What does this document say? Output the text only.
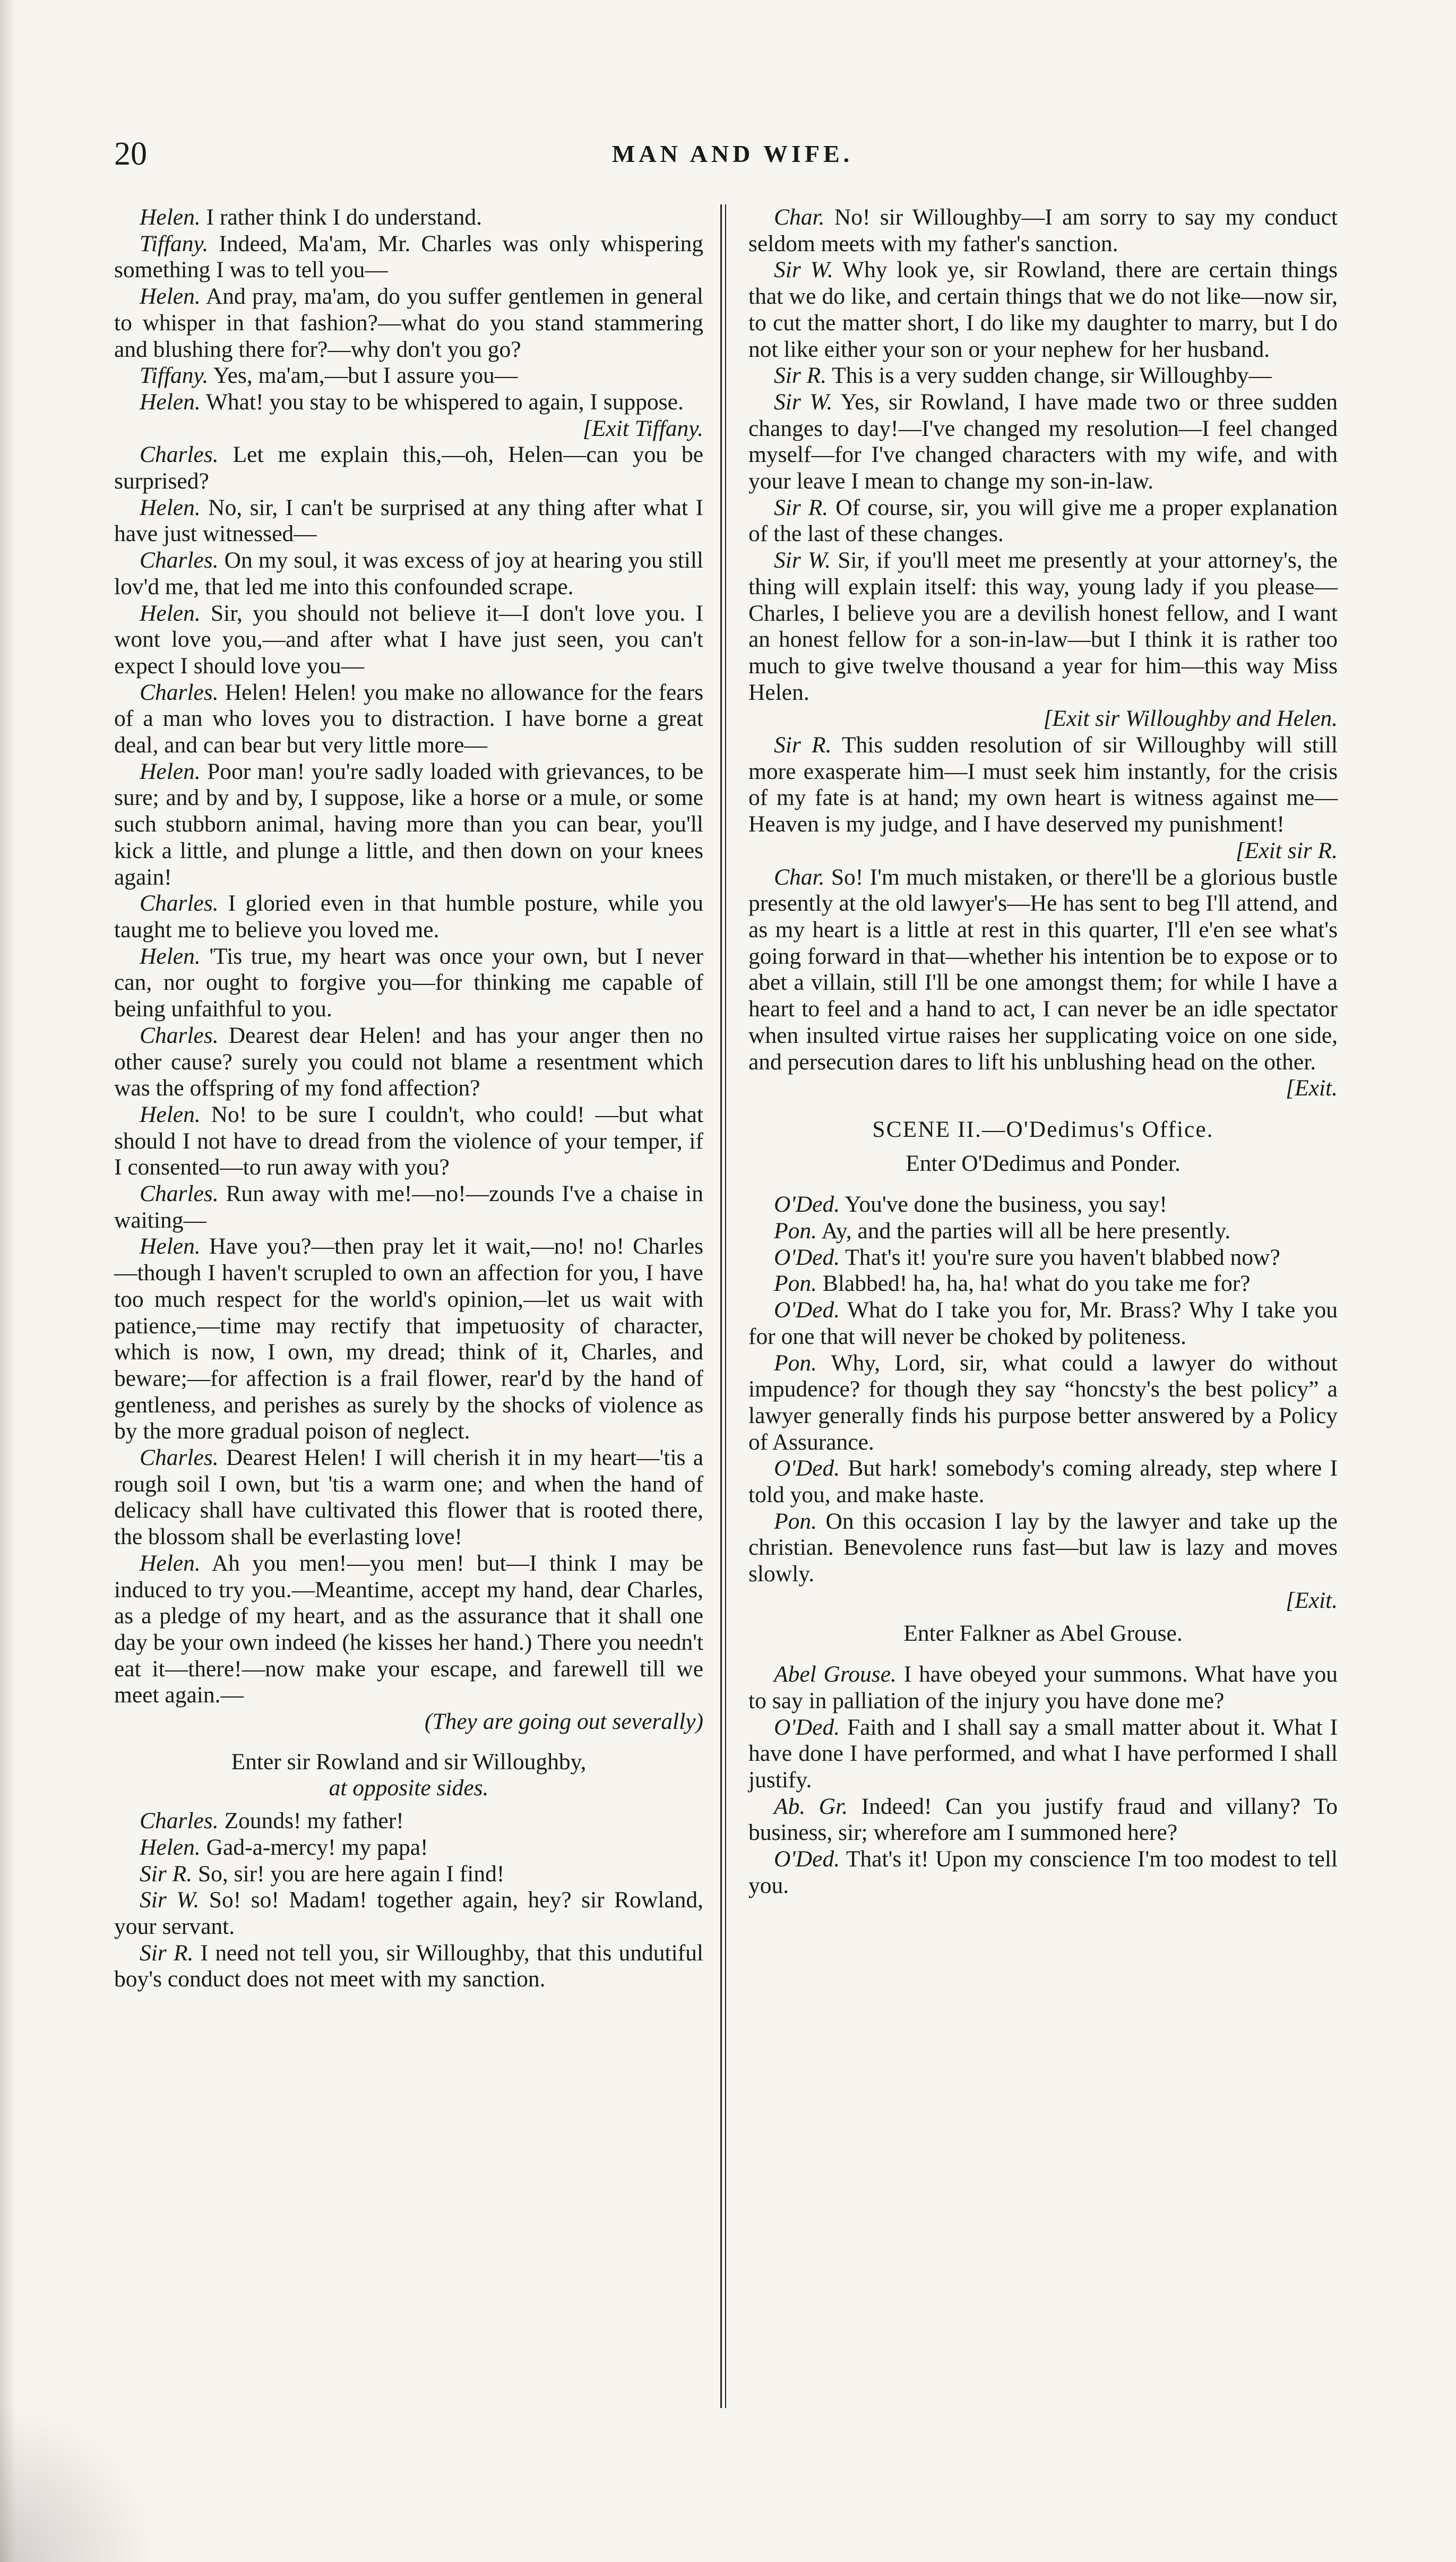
20	MAN AND WIFE.

Helen. I rather think I do understand.

Tiffany. Indeed, Ma'am, Mr. Charles was only whispering something I was to tell you—

Helen. And pray, ma'am, do you suffer gentlemen in general to whisper in that fashion?—what do you stand stammering and blushing there for?—why don't you go?

Tiffany. Yes, ma'am,—but I assure you—

Helen. What! you stay to be whispered to again, I suppose.

[Exit Tiffany.

Charles. Let me explain this,—oh, Helen—can you be surprised?

Helen. No, sir, I can't be surprised at any thing after what I have just witnessed—

Charles. On my soul, it was excess of joy at hearing you still lov'd me, that led me into this confounded scrape.

Helen. Sir, you should not believe it—I don't love you. I wont love you,—and after what I have just seen, you can't expect I should love you—

Charles. Helen! Helen! you make no allowance for the fears of a man who loves you to distraction. I have borne a great deal, and can bear but very little more—

Helen. Poor man! you're sadly loaded with grievances, to be sure; and by and by, I suppose, like a horse or a mule, or some such stubborn animal, having more than you can bear, you'll kick a little, and plunge a little, and then down on your knees again!

Charles. I gloried even in that humble posture, while you taught me to believe you loved me.

Helen. 'Tis true, my heart was once your own, but I never can, nor ought to forgive you—for thinking me capable of being unfaithful to you.

Charles. Dearest dear Helen! and has your anger then no other cause? surely you could not blame a resentment which was the offspring of my fond affection?

Helen. No! to be sure I couldn't, who could! —but what should I not have to dread from the violence of your temper, if I consented—to run away with you?

Charles. Run away with me!—no!—zounds I've a chaise in waiting—

Helen. Have you?—then pray let it wait,—no! no! Charles—though I haven't scrupled to own an affection for you, I have too much respect for the world's opinion,—let us wait with patience,—time may rectify that impetuosity of character, which is now, I own, my dread; think of it, Charles, and beware;—for affection is a frail flower, rear'd by the hand of gentleness, and perishes as surely by the shocks of violence as by the more gradual poison of neglect.

Charles. Dearest Helen! I will cherish it in my heart—'tis a rough soil I own, but 'tis a warm one; and when the hand of delicacy shall have cultivated this flower that is rooted there, the blossom shall be everlasting love!

Helen. Ah you men!—you men! but—I think I may be induced to try you.—Meantime, accept my hand, dear Charles, as a pledge of my heart, and as the assurance that it shall one day be your own indeed (he kisses her hand.) There you needn't eat it—there!—now make your escape, and farewell till we meet again.—

(They are going out severally)

Enter sir Rowland and sir Willoughby,

at opposite sides.

Charles. Zounds! my father!

Helen. Gad-a-mercy! my papa!

Sir R. So, sir! you are here again I find!

Sir W. So! so! Madam! together again, hey? sir Rowland, your servant.

Sir R. I need not tell you, sir Willoughby, that this undutiful boy's conduct does not meet with my sanction.

Char. No! sir Willoughby—I am sorry to say my conduct seldom meets with my father's sanction.

Sir W. Why look ye, sir Rowland, there are certain things that we do like, and certain things that we do not like—now sir, to cut the matter short, I do like my daughter to marry, but I do not like either your son or your nephew for her husband.

Sir R. This is a very sudden change, sir Willoughby—

Sir W. Yes, sir Rowland, I have made two or three sudden changes to day!—I've changed my resolution—I feel changed myself—for I've changed characters with my wife, and with your leave I mean to change my son-in-law.

Sir R. Of course, sir, you will give me a proper explanation of the last of these changes.

Sir W. Sir, if you'll meet me presently at your attorney's, the thing will explain itself: this way, young lady if you please—Charles, I believe you are a devilish honest fellow, and I want an honest fellow for a son-in-law—but I think it is rather too much to give twelve thousand a year for him—this way Miss Helen.

[Exit sir Willoughby and Helen.

Sir R. This sudden resolution of sir Willoughby will still more exasperate him—I must seek him instantly, for the crisis of my fate is at hand; my own heart is witness against me—Heaven is my judge, and I have deserved my punishment!

[Exit sir R.

Char. So! I'm much mistaken, or there'll be a glorious bustle presently at the old lawyer's—He has sent to beg I'll attend, and as my heart is a little at rest in this quarter, I'll e'en see what's going forward in that—whether his intention be to expose or to abet a villain, still I'll be one amongst them; for while I have a heart to feel and a hand to act, I can never be an idle spectator when insulted virtue raises her supplicating voice on one side, and persecution dares to lift his unblushing head on the other.

[Exit.

SCENE II.—O'Dedimus's Office.

Enter O'Dedimus and Ponder.

O'Ded. You've done the business, you say!

Pon. Ay, and the parties will all be here presently.

O'Ded. That's it! you're sure you haven't blabbed now?

Pon. Blabbed! ha, ha, ha! what do you take me for?

O'Ded. What do I take you for, Mr. Brass? Why I take you for one that will never be choked by politeness.

Pon. Why, Lord, sir, what could a lawyer do without impudence? for though they say “honcsty's the best policy” a lawyer generally finds his purpose better answered by a Policy of Assurance.

O'Ded. But hark! somebody's coming already, step where I told you, and make haste.

Pon. On this occasion I lay by the lawyer and take up the christian. Benevolence runs fast—but law is lazy and moves slowly.

[Exit.

Enter Falkner as Abel Grouse.

Abel Grouse. I have obeyed your summons. What have you to say in palliation of the injury you have done me?

O'Ded. Faith and I shall say a small matter about it. What I have done I have performed, and what I have performed I shall justify.

Ab. Gr. Indeed! Can you justify fraud and villany? To business, sir; wherefore am I summoned here?

O'Ded. That's it! Upon my conscience I'm too modest to tell you.
